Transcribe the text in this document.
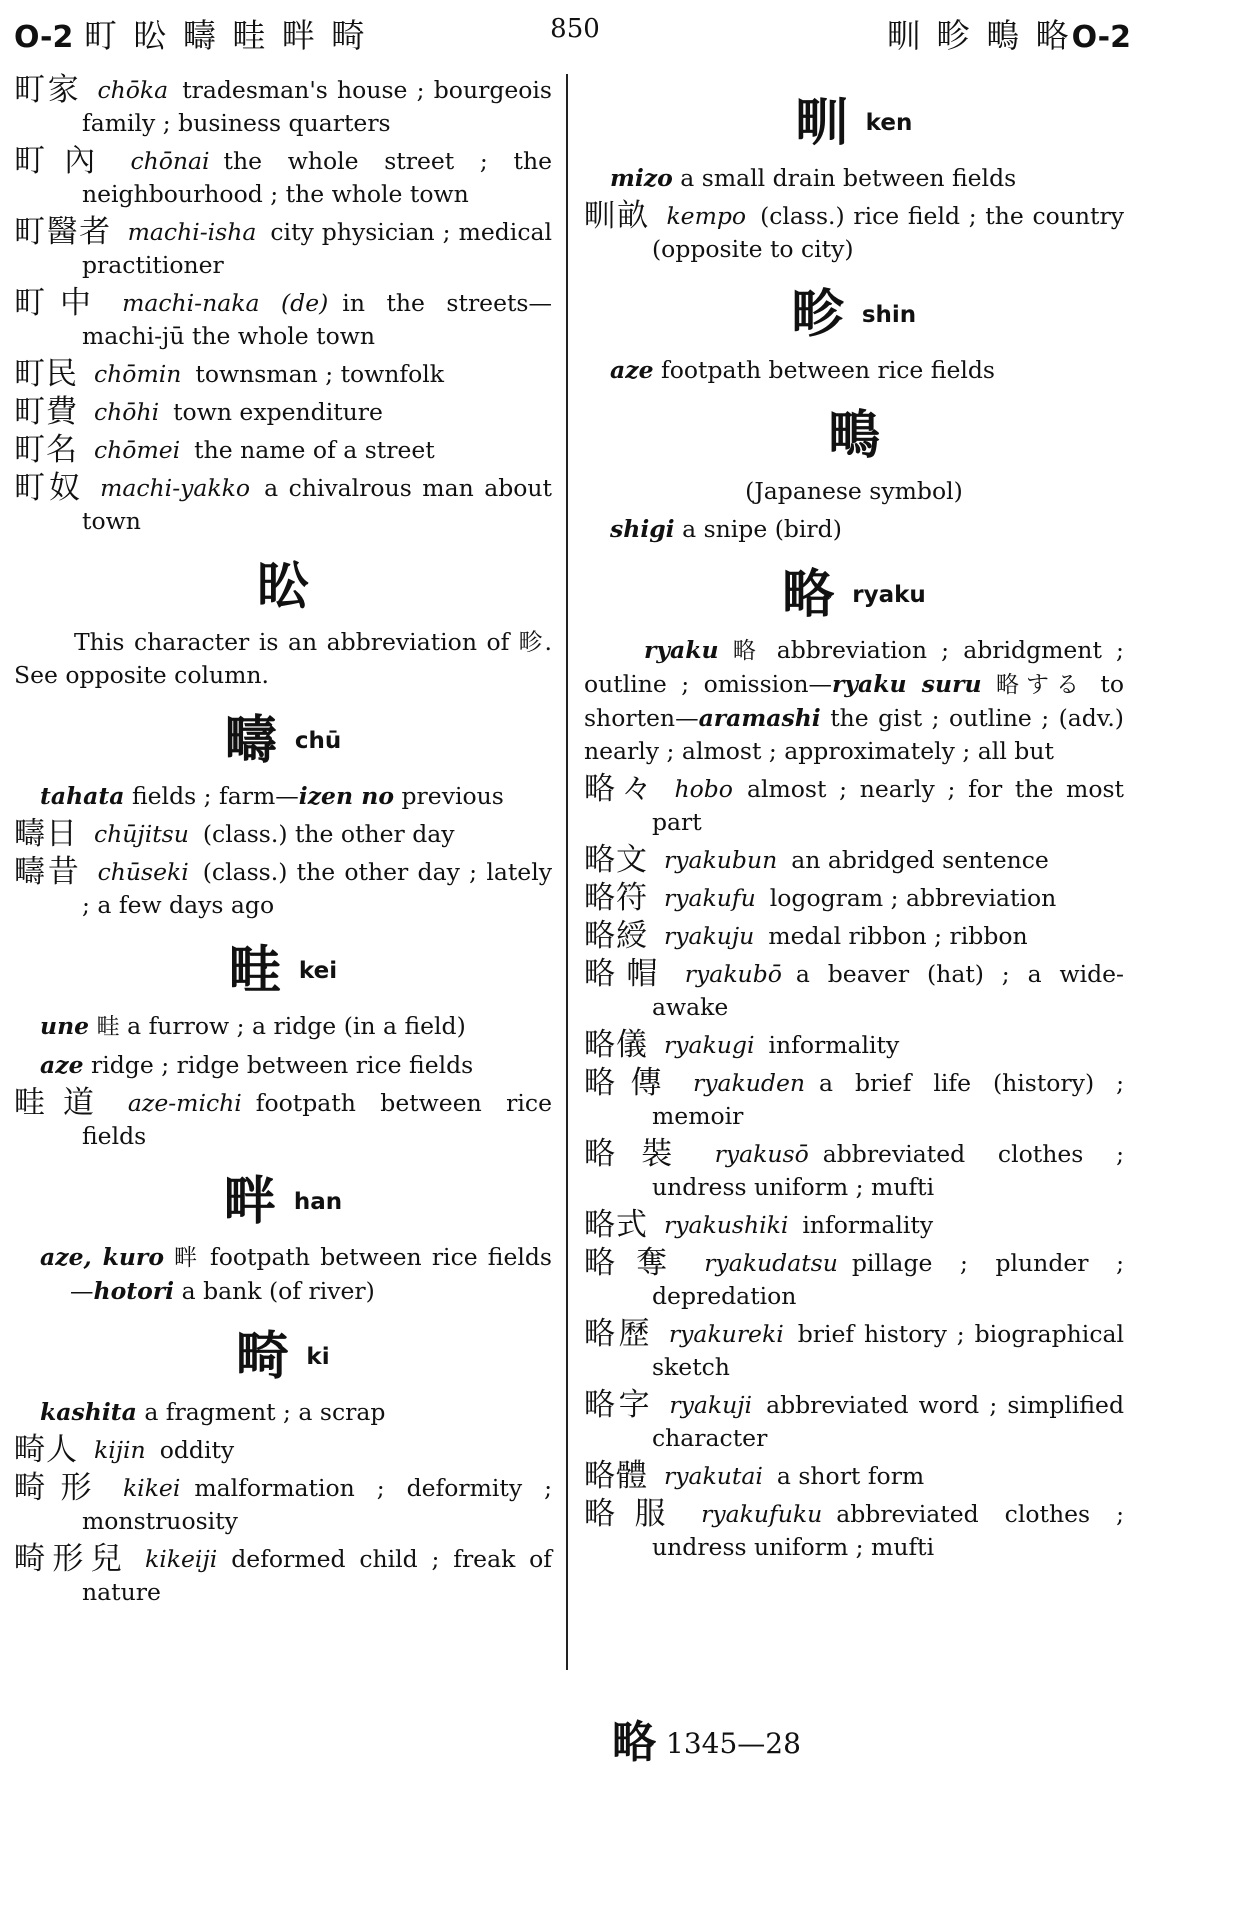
O-2 町 昖 疇 畦 畔 畸	850	甽 畛 鴫 略O-2
町家 chōka tradesman's house ; bourgeois family ; business quarters
町內 chōnai the whole street ; the neighbourhood ; the whole town
町醫者 machi-isha city physician ; medical practitioner
町中 machi-naka (de) in the streets—machi-jū the whole town
町民 chōmin townsman ; townfolk
町費 chōhi town expenditure
町名 chōmei the name of a street
町奴 machi-yakko a chivalrous man about town
昖
This character is an abbreviation of 畛. See opposite column.
疇chū
tahata fields ; farm—izen no previous
疇日 chūjitsu (class.) the other day
疇昔 chūseki (class.) the other day ; lately ; a few days ago
畦kei
une 畦 a furrow ; a ridge (in a field)
aze ridge ; ridge between rice fields
畦道 aze-michi footpath between rice fields
畔han
aze, kuro 畔 footpath between rice fields—hotori a bank (of river)
畸ki
kashita a fragment ; a scrap
畸人 kijin oddity
畸形 kikei malformation ; deformity ; monstruosity
畸形兒 kikeiji deformed child ; freak of nature
甽ken
mizo a small drain between fields
甽畝 kempo (class.) rice field ; the country (opposite to city)
畛shin
aze footpath between rice fields
鴫
(Japanese symbol)
shigi a snipe (bird)
略ryaku
ryaku 略 abbreviation ; abridgment ; outline ; omission—ryaku suru 略する to shorten—aramashi the gist ; outline ; (adv.) nearly ; almost ; approximately ; all but
略々 hobo almost ; nearly ; for the most part
略文 ryakubun an abridged sentence
略符 ryakufu logogram ; abbreviation
略綬 ryakuju medal ribbon ; ribbon
略帽 ryakubō a beaver (hat) ; a wide-awake
略儀 ryakugi informality
略傳 ryakuden a brief life (history) ; memoir
略裝 ryakusō abbreviated clothes ; undress uniform ; mufti
略式 ryakushiki informality
略奪 ryakudatsu pillage ; plunder ; depredation
略歷 ryakureki brief history ; biographical sketch
略字 ryakuji abbreviated word ; simplified character
略體 ryakutai a short form
略服 ryakufuku abbreviated clothes ; undress uniform ; mufti
略 1345—28
